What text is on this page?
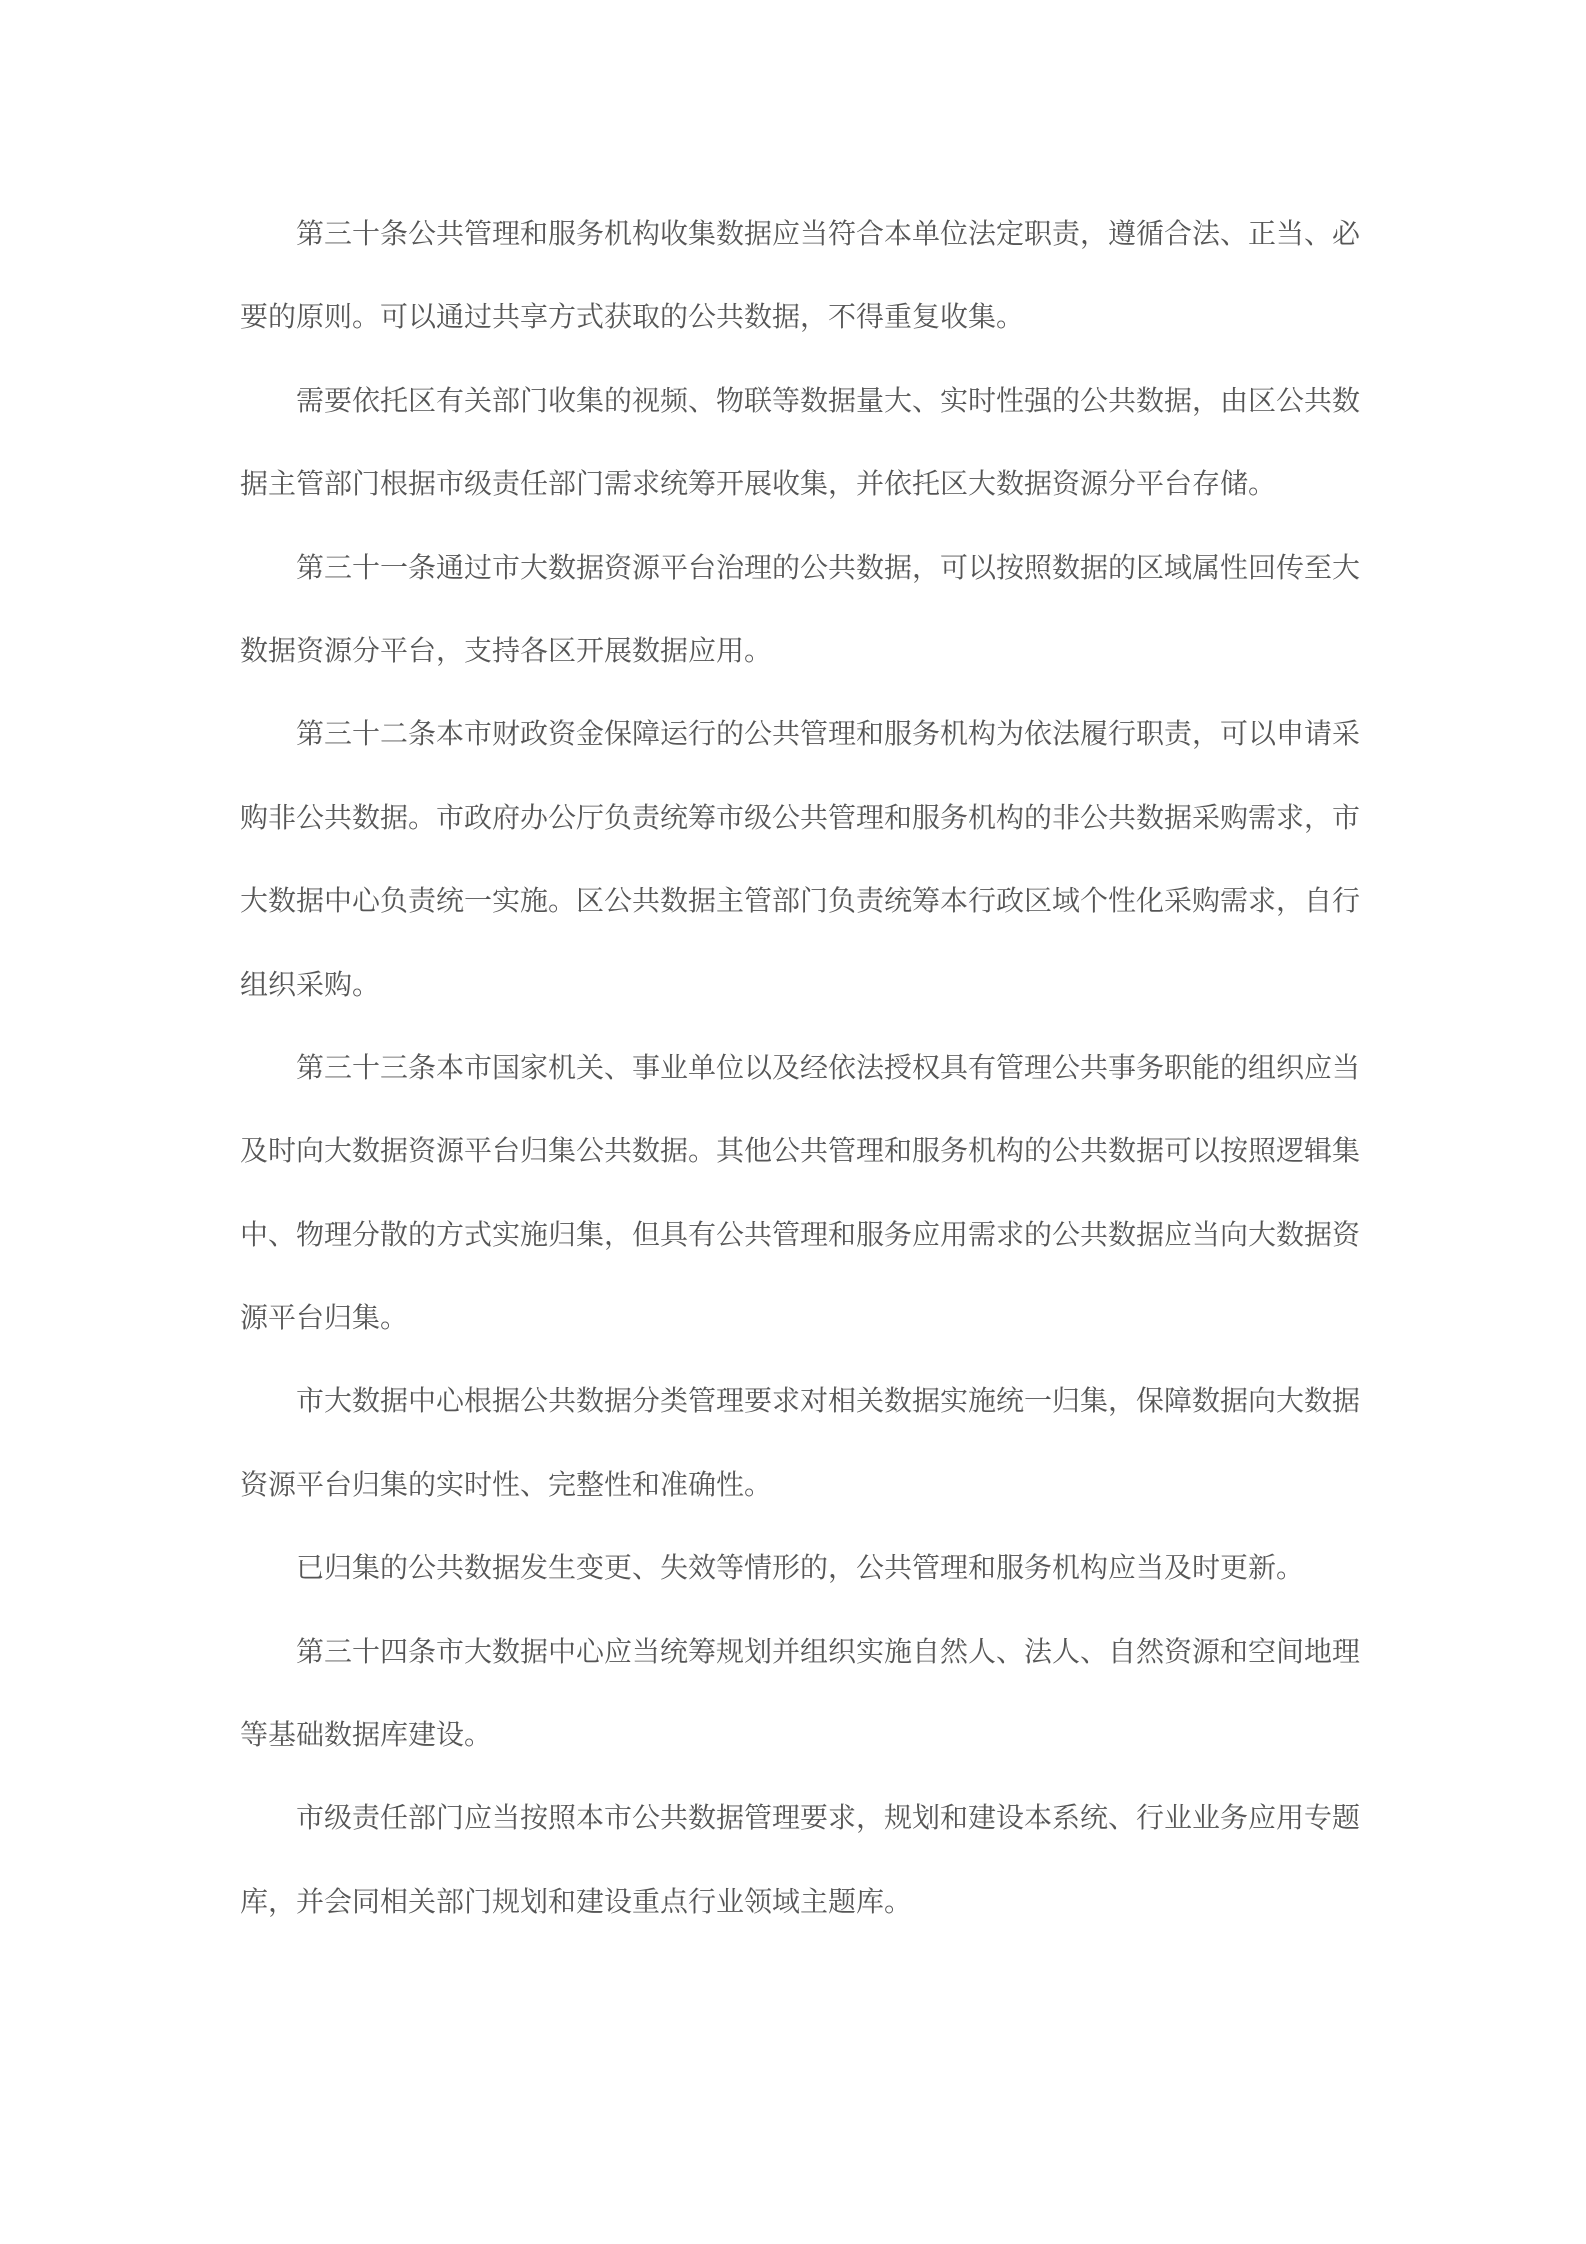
第三十条公共管理和服务机构收集数据应当符合本单位法定职责，遵循合法、正当、必
要的原则。可以通过共享方式获取的公共数据，不得重复收集。

需要依托区有关部门收集的视频、物联等数据量大、实时性强的公共数据，由区公共数
据主管部门根据市级责任部门需求统筹开展收集，并依托区大数据资源分平台存储。

第三十一条通过市大数据资源平台治理的公共数据，可以按照数据的区域属性回传至大
数据资源分平台，支持各区开展数据应用。

第三十二条本市财政资金保障运行的公共管理和服务机构为依法履行职责，可以申请采
购非公共数据。市政府办公厅负责统筹市级公共管理和服务机构的非公共数据采购需求，市
大数据中心负责统一实施。区公共数据主管部门负责统筹本行政区域个性化采购需求，自行
组织采购。

第三十三条本市国家机关、事业单位以及经依法授权具有管理公共事务职能的组织应当
及时向大数据资源平台归集公共数据。其他公共管理和服务机构的公共数据可以按照逻辑集
中、物理分散的方式实施归集，但具有公共管理和服务应用需求的公共数据应当向大数据资
源平台归集。

市大数据中心根据公共数据分类管理要求对相关数据实施统一归集，保障数据向大数据
资源平台归集的实时性、完整性和准确性。

已归集的公共数据发生变更、失效等情形的，公共管理和服务机构应当及时更新。

第三十四条市大数据中心应当统筹规划并组织实施自然人、法人、自然资源和空间地理
等基础数据库建设。

市级责任部门应当按照本市公共数据管理要求，规划和建设本系统、行业业务应用专题
库，并会同相关部门规划和建设重点行业领域主题库。
